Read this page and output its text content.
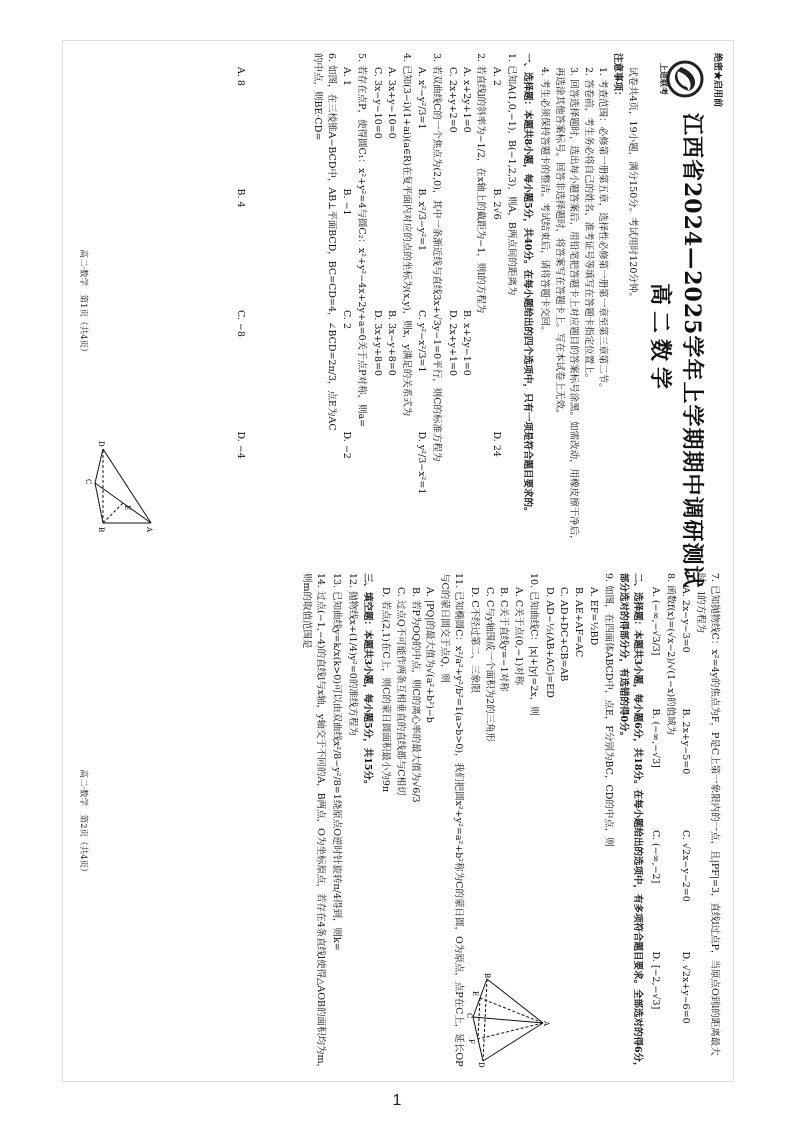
绝密★启用前
上进联考
江西省2024—2025学年上学期期中调研测试
高二数学

试卷共4页，19小题，满分150分。考试用时120分钟。

注意事项：

1. 考查范围：必修第一册第五章，选择性必修第一册第一章至第三章第二节。

2. 答卷前，考生务必将自己的姓名、准考证号等填写在答题卡指定位置上。

3. 回答选择题时，选出每小题答案后，用铅笔把答题卡上对应题目的答案标号涂黑。如需改动，用橡皮擦干净后，再选涂其他答案标号。回答非选择题时，将答案写在答题卡上。写在本试卷上无效。

4. 考生必须保持答题卡的整洁。考试结束后，请将答题卡交回。

一、选择题：本题共8小题，每小题5分，共40分。在每小题给出的四个选项中，只有一项是符合题目要求的。

1. 已知A(1,0,−1)，B(−1,2,3)，则A，B两点间的距离为

A. 2
B. 2√6
D. 24

2. 若直线l的斜率为−1/2，在x轴上的截距为−1，则l的方程为

A. x+2y+1=0
B. x+2y−1=0
C. 2x+y+2=0
D. 2x+y+1=0

3. 若双曲线C的一个焦点为(2,0)，其中一条渐近线与直线3x+√3y−1=0平行，则C的标准方程为

A. x²−y²/3=1
B. x²/3−y²=1
C. y²−x²/3=1
D. y²/3−x²=1

4. 已知(3−i)(1+ai)(a∈R)在复平面内对应的点的坐标为(x,y)，则x，y满足的关系式为

A. 3x+y−10=0
B. 3x−y+8=0
C. 3x−y−10=0
D. 3x+y+8=0

5. 若存在点P，使得圆C₁：x²+y²=4与圆C₂：x²+y²−4x+2y+a=0关于点P对称，则a=

A. 1
B. −1
C. 2
D. −2

6. 如图，在三棱锥A−BCD中，AB⊥平面BCD，BC=CD=4，∠BCD=2π/3，点E为AC的中点，则BE·CD=

A. 8
B. 4
C. −8
D. −4
A
B
C
D
E
高二·数学　第1页（共4页）

7. 已知抛物线C：x²=4y的焦点为F，P是C上第一象限内的一点，且|PF|=3，直线l过点P，当原点O到l的距离最大时，l的方程为

A. 2x−y−3=0
B. 2x+y−5=0
C. √2x−y−2=0
D. √2x+y−6=0

8. 函数f(x)=(√x−2)/√(1−x)的值域为

A. (−∞,−√3/3]
B. (−∞,−√3]
C. (−∞,−2]
D. [−2,−√3]

二、选择题：本题共3小题，每小题6分，共18分。在每小题给出的选项中，有多项符合题目要求。全部选对的得6分，部分选对的得部分分，有选错的得0分。

9. 如图，在四面体ABCD中，点E，F分别为BC，CD的中点，则

A. EF=½BD

B. AE+AF=AC

C. AD+DC+CB=AB

D. AD−½(AB+AC)=ED

10. 已知曲线C：|x|+|y|=2x，则

A. C关于点(0,−1)对称

B. C关于直线y=−1对称

C. C与y轴围成一个面积为2的三角形

D. C不经过第二、三象限

11. 已知椭圆C：x²/a²+y²/b²=1(a>b>0)，我们把圆x²+y²=a²+b²称为C的蒙日圆，O为原点，点P在C上，延长OP与C的蒙日圆交于点Q，则

A. |PQ|的最大值为√(a²+b²)−b

B. 若P为OQ的中点，则C的离心率的最大值为√6/3

C. 过点Q不可能作两条互相垂直的直线都与C相切

D. 若点(2,1)在C上，则C的蒙日圆面积最小为9π

三、填空题：本题共3小题，每小题5分，共15分。

12. 抛物线x+(1/4)y²=0的准线方程为

13. 已知曲线y=k/x(k>0)可以由双曲线x²/8−y²/8=1绕原点O逆时针旋转π/4得到，则k=

14. 过点(−1,−4)的直线l与x轴，y轴交于不同的A，B两点，O为坐标原点，若存在4条直线l使得△AOB的面积均为m，则m的取值范围是

A
B
C
D
E
F
高二·数学　第2页（共4页）
1
